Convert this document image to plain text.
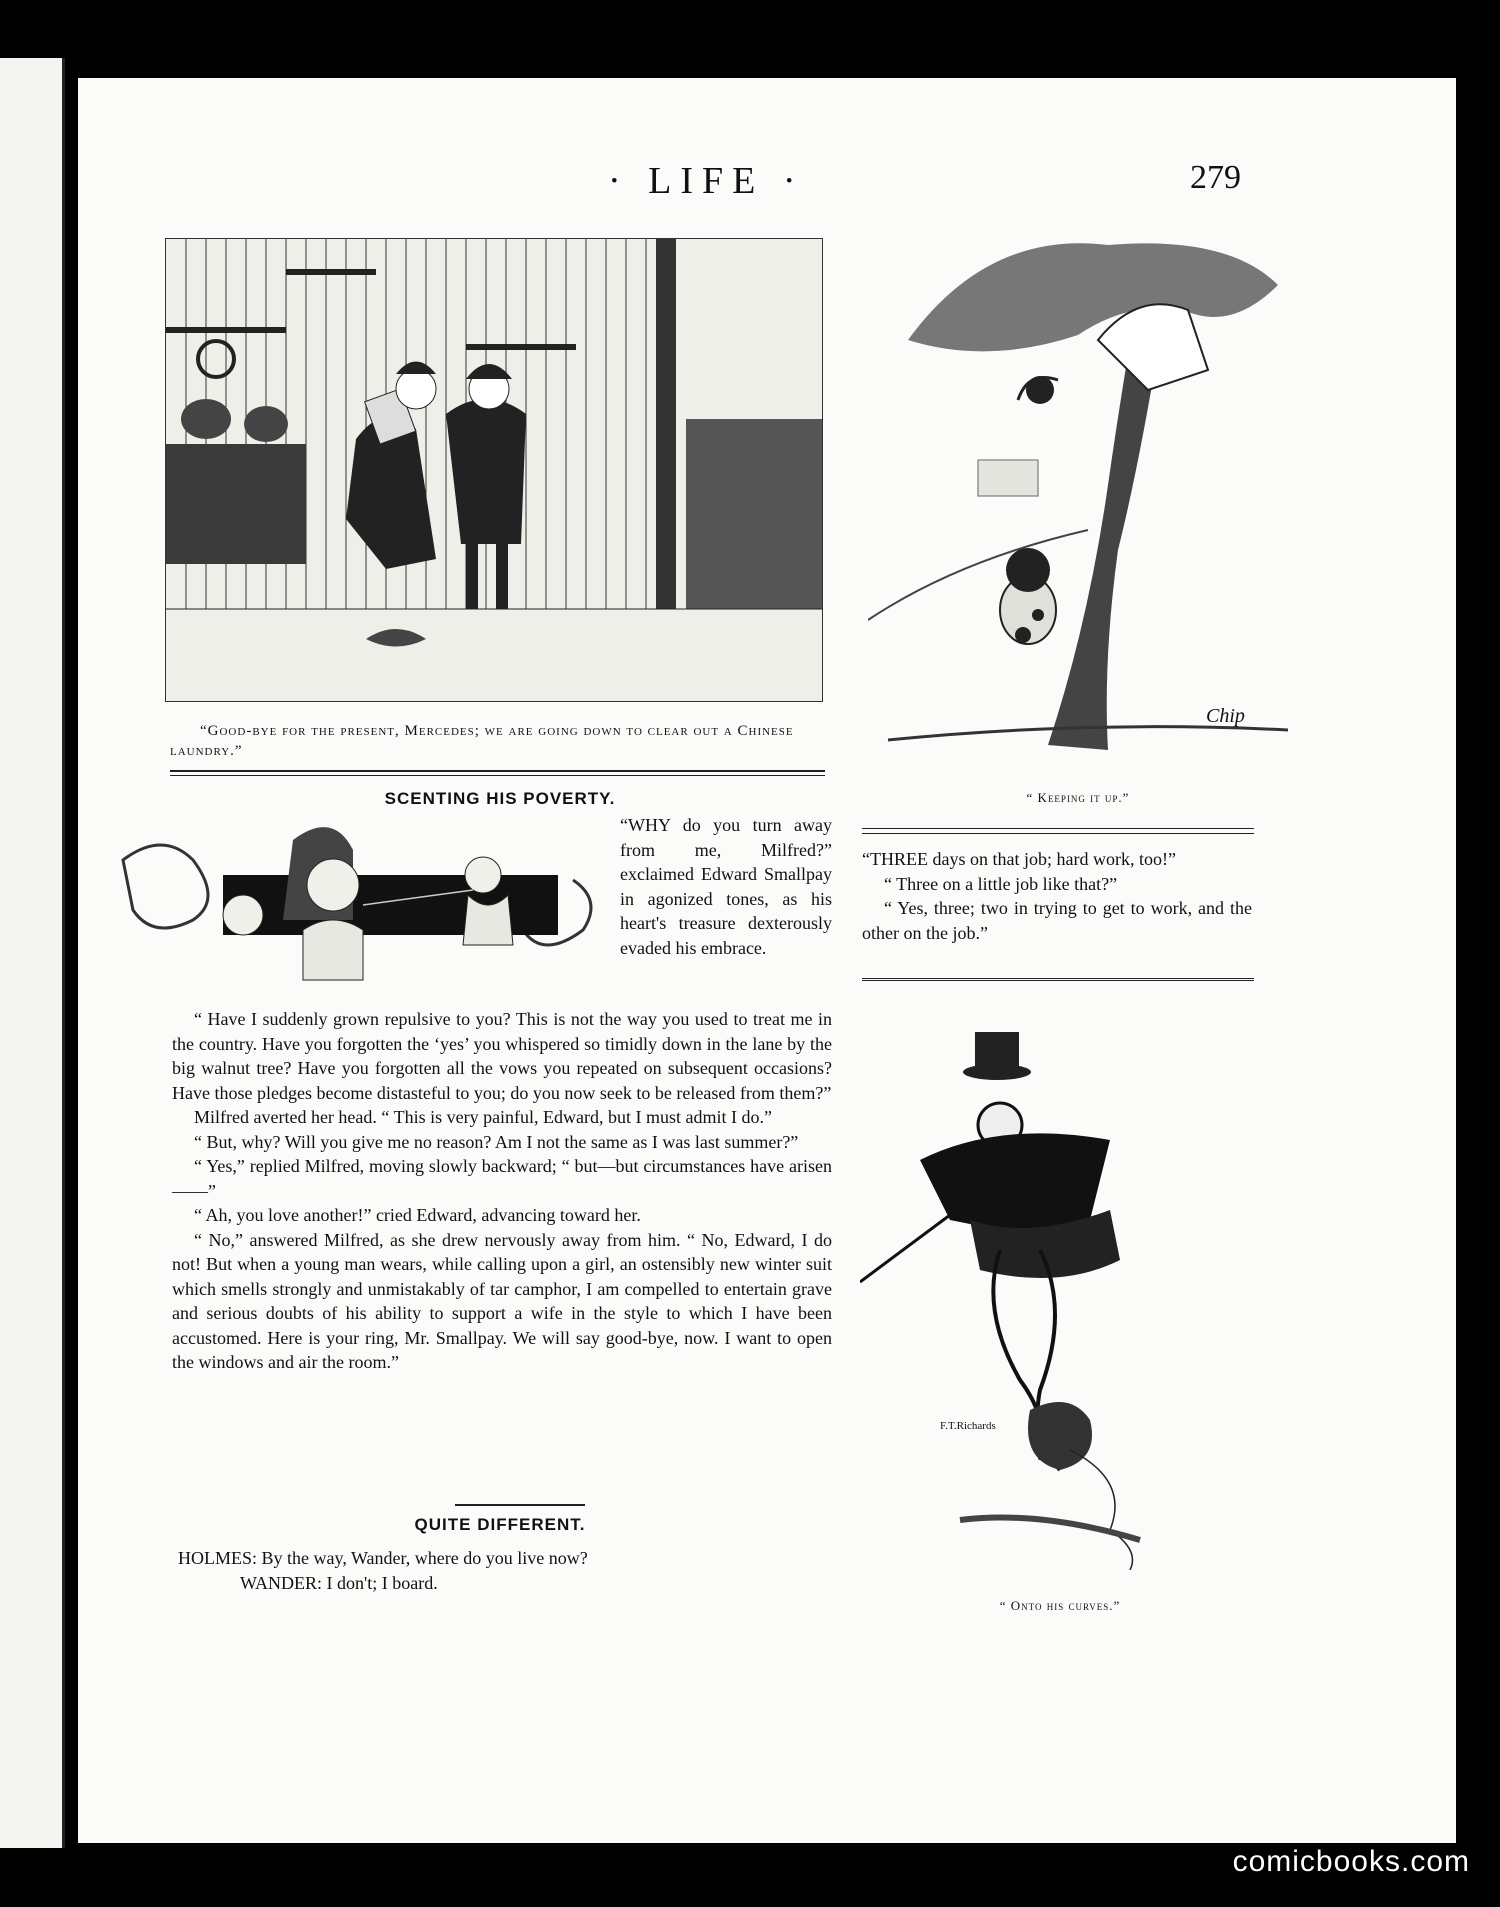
· LIFE ·	279
“Good-bye for the present, Mercedes; we are going down to clear out a Chinese laundry.”
Chip
“ Keeping it up.”
SCENTING HIS POVERTY.
“WHY do you turn away from me, Milfred?” exclaimed Edward Smallpay in agonized tones, as his heart's treasure dexterously evaded his embrace.

“ Have I suddenly grown repulsive to you? This is not the way you used to treat me in the country. Have you forgotten the ‘yes’ you whispered so timidly down in the lane by the big walnut tree? Have you forgotten all the vows you repeated on subsequent occasions? Have those pledges become distasteful to you; do you now seek to be released from them?”

Milfred averted her head. “ This is very painful, Edward, but I must admit I do.”

“ But, why? Will you give me no reason? Am I not the same as I was last summer?”

“ Yes,” replied Milfred, moving slowly backward; “ but—but circumstances have arisen——”

“ Ah, you love another!” cried Edward, advancing toward her.

“ No,” answered Milfred, as she drew nervously away from him. “ No, Edward, I do not! But when a young man wears, while calling upon a girl, an ostensibly new winter suit which smells strongly and unmistakably of tar camphor, I am compelled to entertain grave and serious doubts of his ability to support a wife in the style to which I have been accustomed. Here is your ring, Mr. Smallpay. We will say good-bye, now. I want to open the windows and air the room.”

QUITE DIFFERENT.
HOLMES: By the way, Wander, where do you live now?
WANDER: I don't; I board.
“THREE days on that job; hard work, too!”

“ Three on a little job like that?”

“ Yes, three; two in trying to get to work, and the other on the job.”

F.T.Richards
“ Onto his curves.”
comicbooks.com
